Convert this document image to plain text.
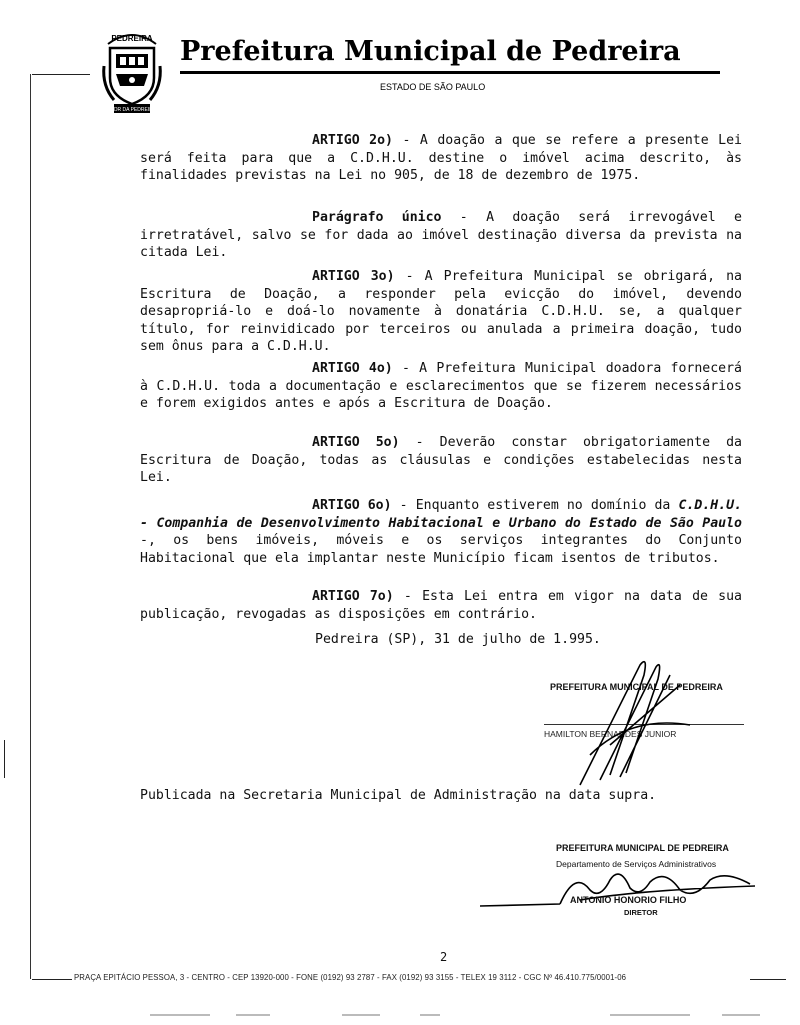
PEDREIRA
FLOR DA PEDREIRA
Prefeitura Municipal de Pedreira
ESTADO DE SÃO PAULO

ARTIGO 2o) - A doação a que se refere a presente Lei será feita para que a C.D.H.U. destine o imóvel acima descrito, às finalidades previstas na Lei no 905, de 18 de dezembro de 1975.

Parágrafo único - A doação será irrevogável e irretratável, salvo se for dada ao imóvel destinação diversa da prevista na citada Lei.

ARTIGO 3o) - A Prefeitura Municipal se obrigará, na Escritura de Doação, a responder pela evicção do imóvel, devendo desapropriá-lo e doá-lo novamente à donatária C.D.H.U. se, a qualquer título, for reinvidicado por terceiros ou anulada a primeira doação, tudo sem ônus para a C.D.H.U.

ARTIGO 4o) - A Prefeitura Municipal doadora fornecerá à C.D.H.U. toda a documentação e esclarecimentos que se fizerem necessários e forem exigidos antes e após a Escritura de Doação.

ARTIGO 5o) - Deverão constar obrigatoriamente da Escritura de Doação, todas as cláusulas e condições estabelecidas nesta Lei.

ARTIGO 6o) - Enquanto estiverem no domínio da C.D.H.U. - Companhia de Desenvolvimento Habitacional e Urbano do Estado de São Paulo -, os bens imóveis, móveis e os serviços integrantes do Conjunto Habitacional que ela implantar neste Município ficam isentos de tributos.

ARTIGO 7o) - Esta Lei entra em vigor na data de sua publicação, revogadas as disposições em contrário.

Pedreira (SP), 31 de julho de 1.995.
PREFEITURA MUNICIPAL DE PEDREIRA
HAMILTON BERNARDES JUNIOR
Publicada na Secretaria Municipal de Administração na data supra.
PREFEITURA MUNICIPAL DE PEDREIRA
Departamento de Serviços Administrativos
ANTONIO HONORIO FILHO
DIRETOR
2
PRAÇA EPITÁCIO PESSOA, 3 - CENTRO - CEP 13920-000 - FONE (0192) 93 2787 - FAX (0192) 93 3155 - TELEX 19 3112 - CGC Nº 46.410.775/0001-06
